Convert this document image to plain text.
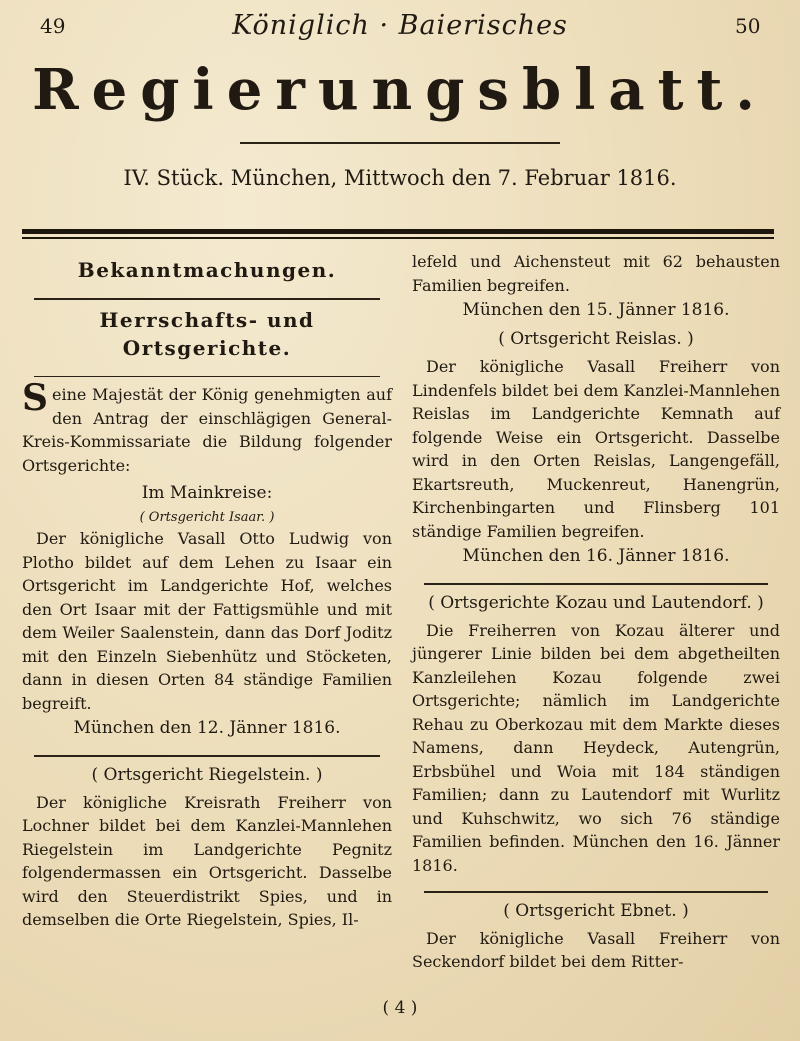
49	50
Königlich · Baierisches
Regierungsblatt.
IV. Stück. München, Mittwoch den 7. Februar 1816.
Bekanntmachungen.
Herrschafts- und Ortsgerichte.

Seine Majestät der König genehmigten auf den Antrag der einschlägigen General-Kreis-Kommissariate die Bildung folgender Ortsgerichte:

Im Mainkreise:
( Ortsgericht Isaar. )

Der königliche Vasall Otto Ludwig von Plotho bildet auf dem Lehen zu Isaar ein Ortsgericht im Landgerichte Hof, welches den Ort Isaar mit der Fattigsmühle und mit dem Weiler Saalenstein, dann das Dorf Joditz mit den Einzeln Siebenhütz und Stöcketen, dann in diesen Orten 84 ständige Familien begreift.

München den 12. Jänner 1816.

( Ortsgericht Riegelstein. )

Der königliche Kreisrath Freiherr von Lochner bildet bei dem Kanzlei-Mannlehen Riegelstein im Landgerichte Pegnitz folgendermassen ein Ortsgericht. Dasselbe wird den Steuerdistrikt Spies, und in demselben die Orte Riegelstein, Spies, Il-

lefeld und Aichensteut mit 62 behausten Familien begreifen.

München den 15. Jänner 1816.

( Ortsgericht Reislas. )

Der königliche Vasall Freiherr von Lindenfels bildet bei dem Kanzlei-Mannlehen Reislas im Landgerichte Kemnath auf folgende Weise ein Ortsgericht. Dasselbe wird in den Orten Reislas, Langengefäll, Ekartsreuth, Muckenreut, Hanengrün, Kirchenbingarten und Flinsberg 101 ständige Familien begreifen.

München den 16. Jänner 1816.

( Ortsgerichte Kozau und Lautendorf. )

Die Freiherren von Kozau älterer und jüngerer Linie bilden bei dem abgetheilten Kanzleilehen Kozau folgende zwei Ortsgerichte; nämlich im Landgerichte Rehau zu Oberkozau mit dem Markte dieses Namens, dann Heydeck, Autengrün, Erbsbühel und Woia mit 184 ständigen Familien; dann zu Lautendorf mit Wurlitz und Kuhschwitz, wo sich 76 ständige Familien befinden. München den 16. Jänner 1816.

( Ortsgericht Ebnet. )

Der königliche Vasall Freiherr von Seckendorf bildet bei dem Ritter-

( 4 )
